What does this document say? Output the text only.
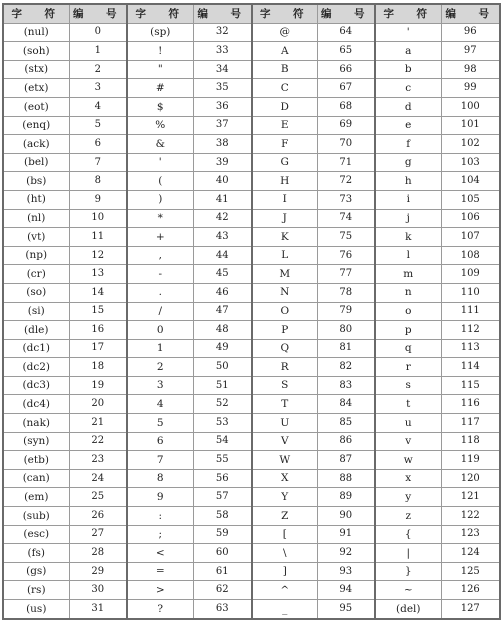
字　符	编　号	字　符	编　号	字　符	编　号	字　符	编　号
(nul)	0	(sp)	32	@	64	'	96
(soh)	1	!	33	A	65	a	97
(stx)	2	"	34	B	66	b	98
(etx)	3	#	35	C	67	c	99
(eot)	4	$	36	D	68	d	100
(enq)	5	%	37	E	69	e	101
(ack)	6	&	38	F	70	f	102
(bel)	7	'	39	G	71	g	103
(bs)	8	(	40	H	72	h	104
(ht)	9	)	41	I	73	i	105
(nl)	10	*	42	J	74	j	106
(vt)	11	+	43	K	75	k	107
(np)	12	,	44	L	76	l	108
(cr)	13	-	45	M	77	m	109
(so)	14	.	46	N	78	n	110
(si)	15	/	47	O	79	o	111
(dle)	16	0	48	P	80	p	112
(dc1)	17	1	49	Q	81	q	113
(dc2)	18	2	50	R	82	r	114
(dc3)	19	3	51	S	83	s	115
(dc4)	20	4	52	T	84	t	116
(nak)	21	5	53	U	85	u	117
(syn)	22	6	54	V	86	v	118
(etb)	23	7	55	W	87	w	119
(can)	24	8	56	X	88	x	120
(em)	25	9	57	Y	89	y	121
(sub)	26	:	58	Z	90	z	122
(esc)	27	;	59	[	91	{	123
(fs)	28	<	60	\	92	|	124
(gs)	29	=	61	]	93	}	125
(rs)	30	>	62	^	94	~	126
(us)	31	?	63	_	95	(del)	127
